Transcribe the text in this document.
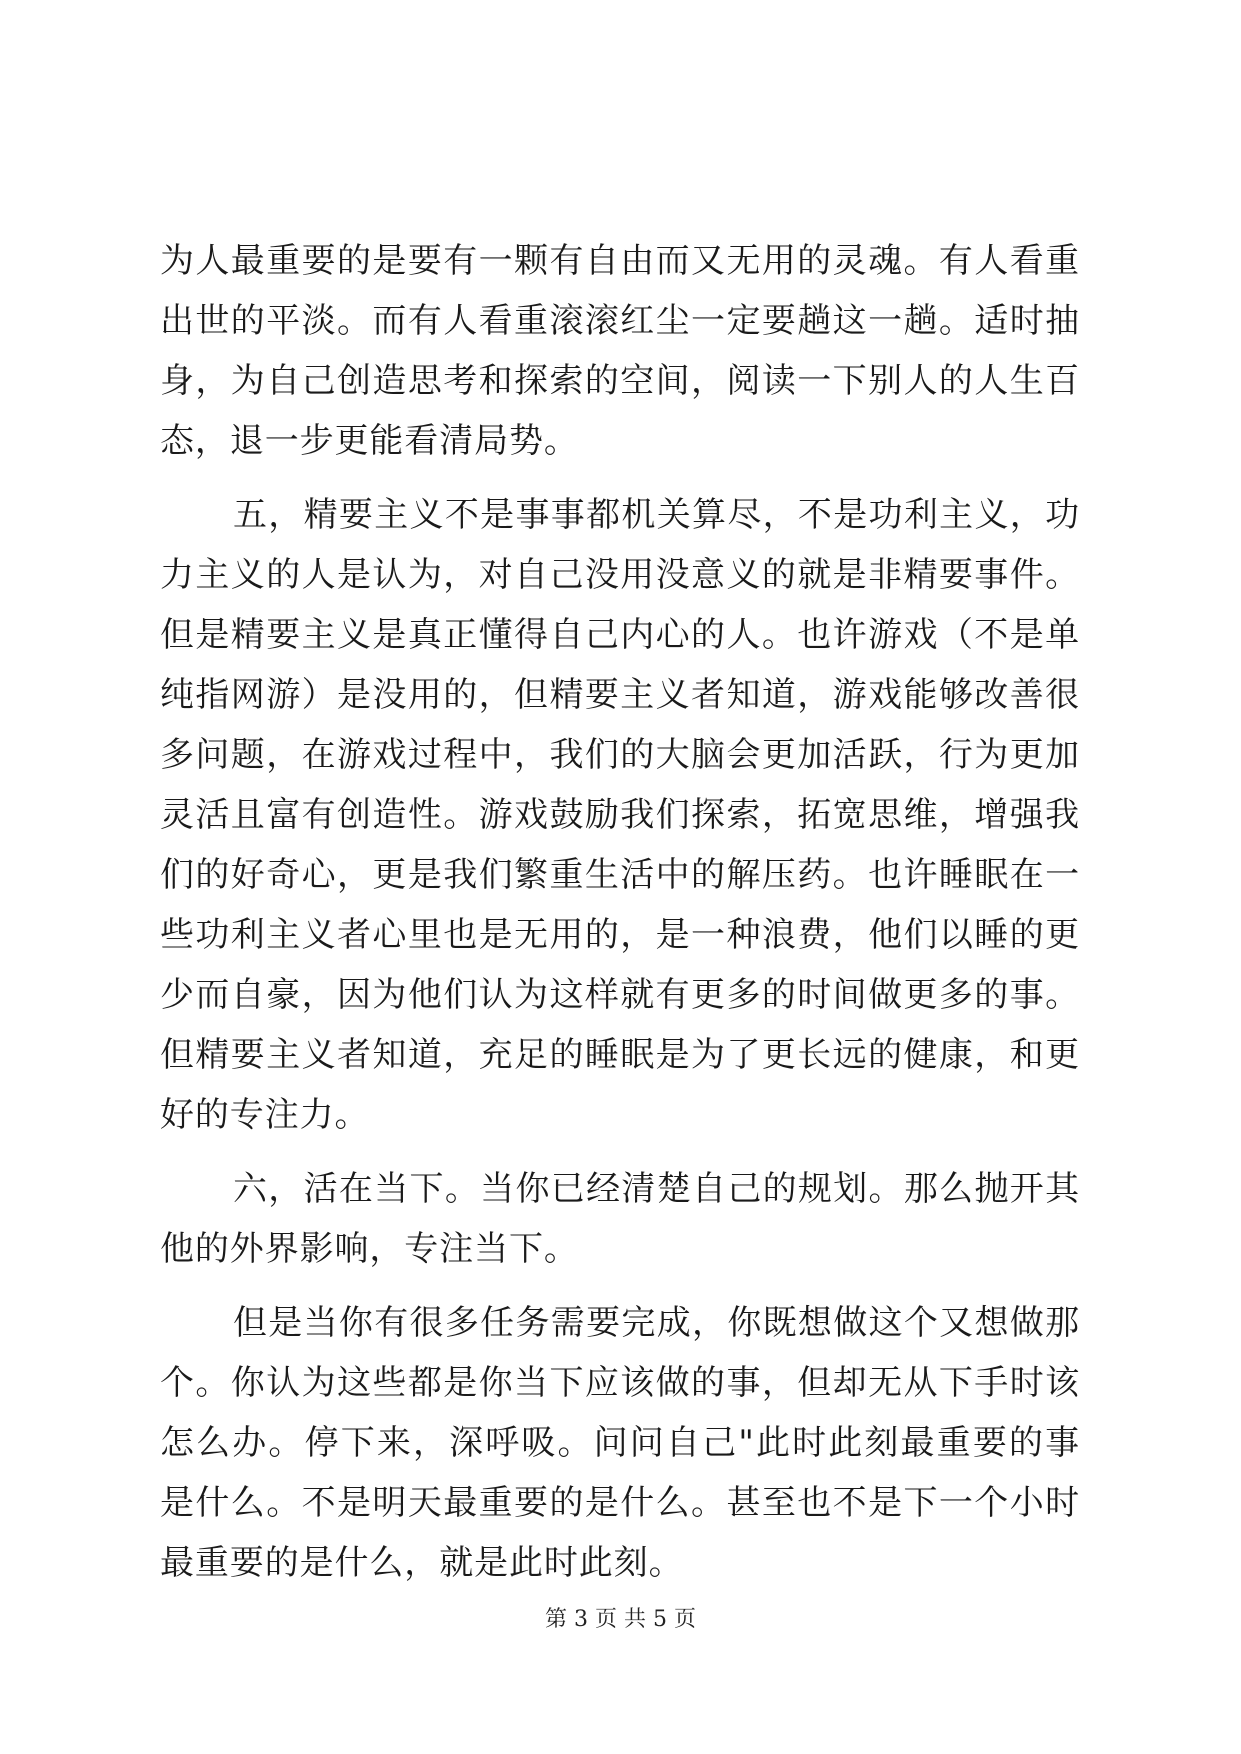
为人最重要的是要有一颗有自由而又无用的灵魂。有人看重出世的平淡。而有人看重滚滚红尘一定要趟这一趟。适时抽身，为自己创造思考和探索的空间，阅读一下别人的人生百态，退一步更能看清局势。

五，精要主义不是事事都机关算尽，不是功利主义，功力主义的人是认为，对自己没用没意义的就是非精要事件。但是精要主义是真正懂得自己内心的人。也许游戏（不是单纯指网游）是没用的，但精要主义者知道，游戏能够改善很多问题，在游戏过程中，我们的大脑会更加活跃，行为更加灵活且富有创造性。游戏鼓励我们探索，拓宽思维，增强我们的好奇心，更是我们繁重生活中的解压药。也许睡眠在一些功利主义者心里也是无用的，是一种浪费，他们以睡的更少而自豪，因为他们认为这样就有更多的时间做更多的事。但精要主义者知道，充足的睡眠是为了更长远的健康，和更好的专注力。

六，活在当下。当你已经清楚自己的规划。那么抛开其他的外界影响，专注当下。

但是当你有很多任务需要完成，你既想做这个又想做那个。你认为这些都是你当下应该做的事，但却无从下手时该怎么办。停下来，深呼吸。问问自己"此时此刻最重要的事是什么。不是明天最重要的是什么。甚至也不是下一个小时最重要的是什么，就是此时此刻。

第 3 页 共 5 页
